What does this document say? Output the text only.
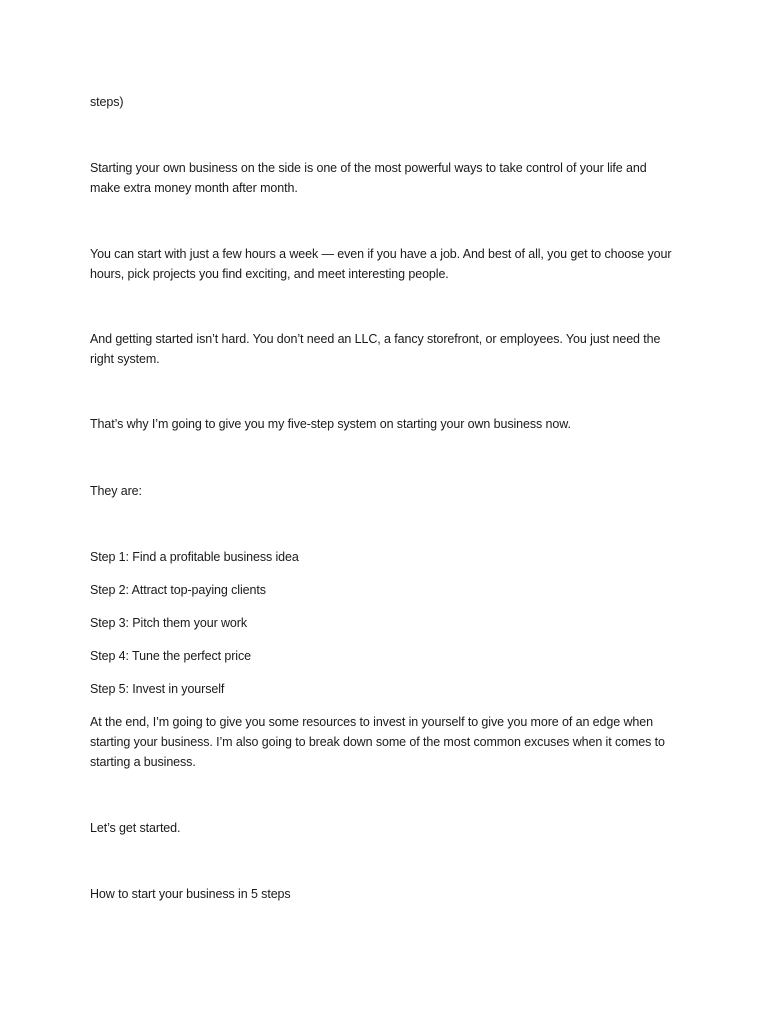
steps)

Starting your own business on the side is one of the most powerful ways to take control of your life and make extra money month after month.

You can start with just a few hours a week — even if you have a job. And best of all, you get to choose your hours, pick projects you find exciting, and meet interesting people.

And getting started isn’t hard. You don’t need an LLC, a fancy storefront, or employees. You just need the right system.

That’s why I’m going to give you my five-step system on starting your own business now.

They are:

Step 1: Find a profitable business idea

Step 2: Attract top-paying clients

Step 3: Pitch them your work

Step 4: Tune the perfect price

Step 5: Invest in yourself

At the end, I’m going to give you some resources to invest in yourself to give you more of an edge when starting your business. I’m also going to break down some of the most common excuses when it comes to starting a business.

Let’s get started.

How to start your business in 5 steps
